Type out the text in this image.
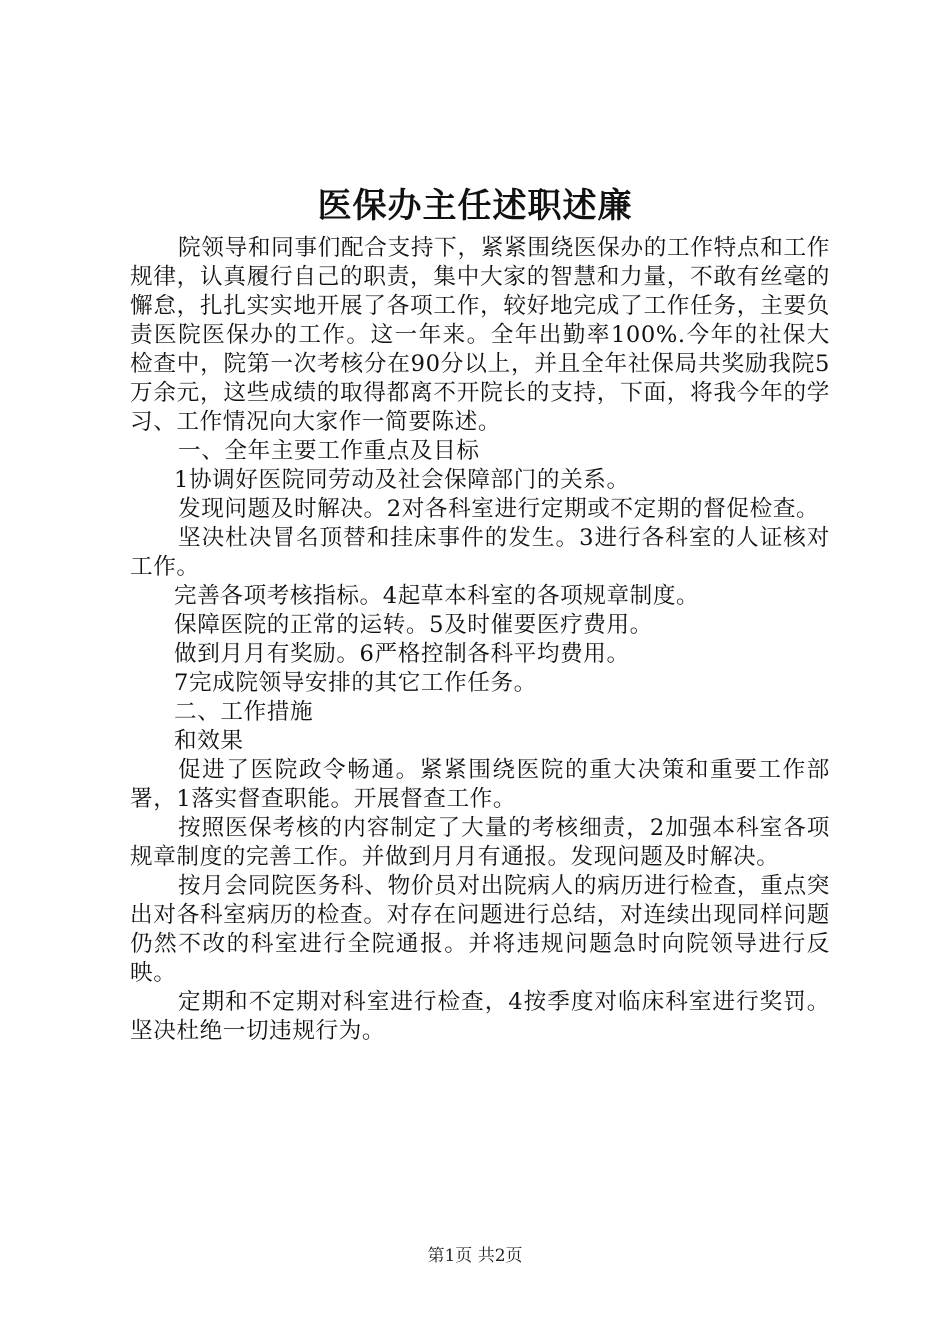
医保办主任述职述廉

院领导和同事们配合支持下，紧紧围绕医保办的工作特点和工作规律，认真履行自己的职责，集中大家的智慧和力量，不敢有丝毫的懈怠，扎扎实实地开展了各项工作，较好地完成了工作任务，主要负责医院医保办的工作。这一年来。全年出勤率100%.今年的社保大检查中，院第一次考核分在90分以上，并且全年社保局共奖励我院5万余元，这些成绩的取得都离不开院长的支持，下面，将我今年的学习、工作情况向大家作一简要陈述。

一、全年主要工作重点及目标

1协调好医院同劳动及社会保障部门的关系。

发现问题及时解决。2对各科室进行定期或不定期的督促检查。

坚决杜决冒名顶替和挂床事件的发生。3进行各科室的人证核对工作。

完善各项考核指标。4起草本科室的各项规章制度。

保障医院的正常的运转。5及时催要医疗费用。

做到月月有奖励。6严格控制各科平均费用。

7完成院领导安排的其它工作任务。

二、工作措施

和效果

促进了医院政令畅通。紧紧围绕医院的重大决策和重要工作部署，1落实督查职能。开展督查工作。

按照医保考核的内容制定了大量的考核细责，2加强本科室各项规章制度的完善工作。并做到月月有通报。发现问题及时解决。

按月会同院医务科、物价员对出院病人的病历进行检查，重点突出对各科室病历的检查。对存在问题进行总结，对连续出现同样问题仍然不改的科室进行全院通报。并将违规问题急时向院领导进行反映。

定期和不定期对科室进行检查，4按季度对临床科室进行奖罚。坚决杜绝一切违规行为。

第1页 共2页
